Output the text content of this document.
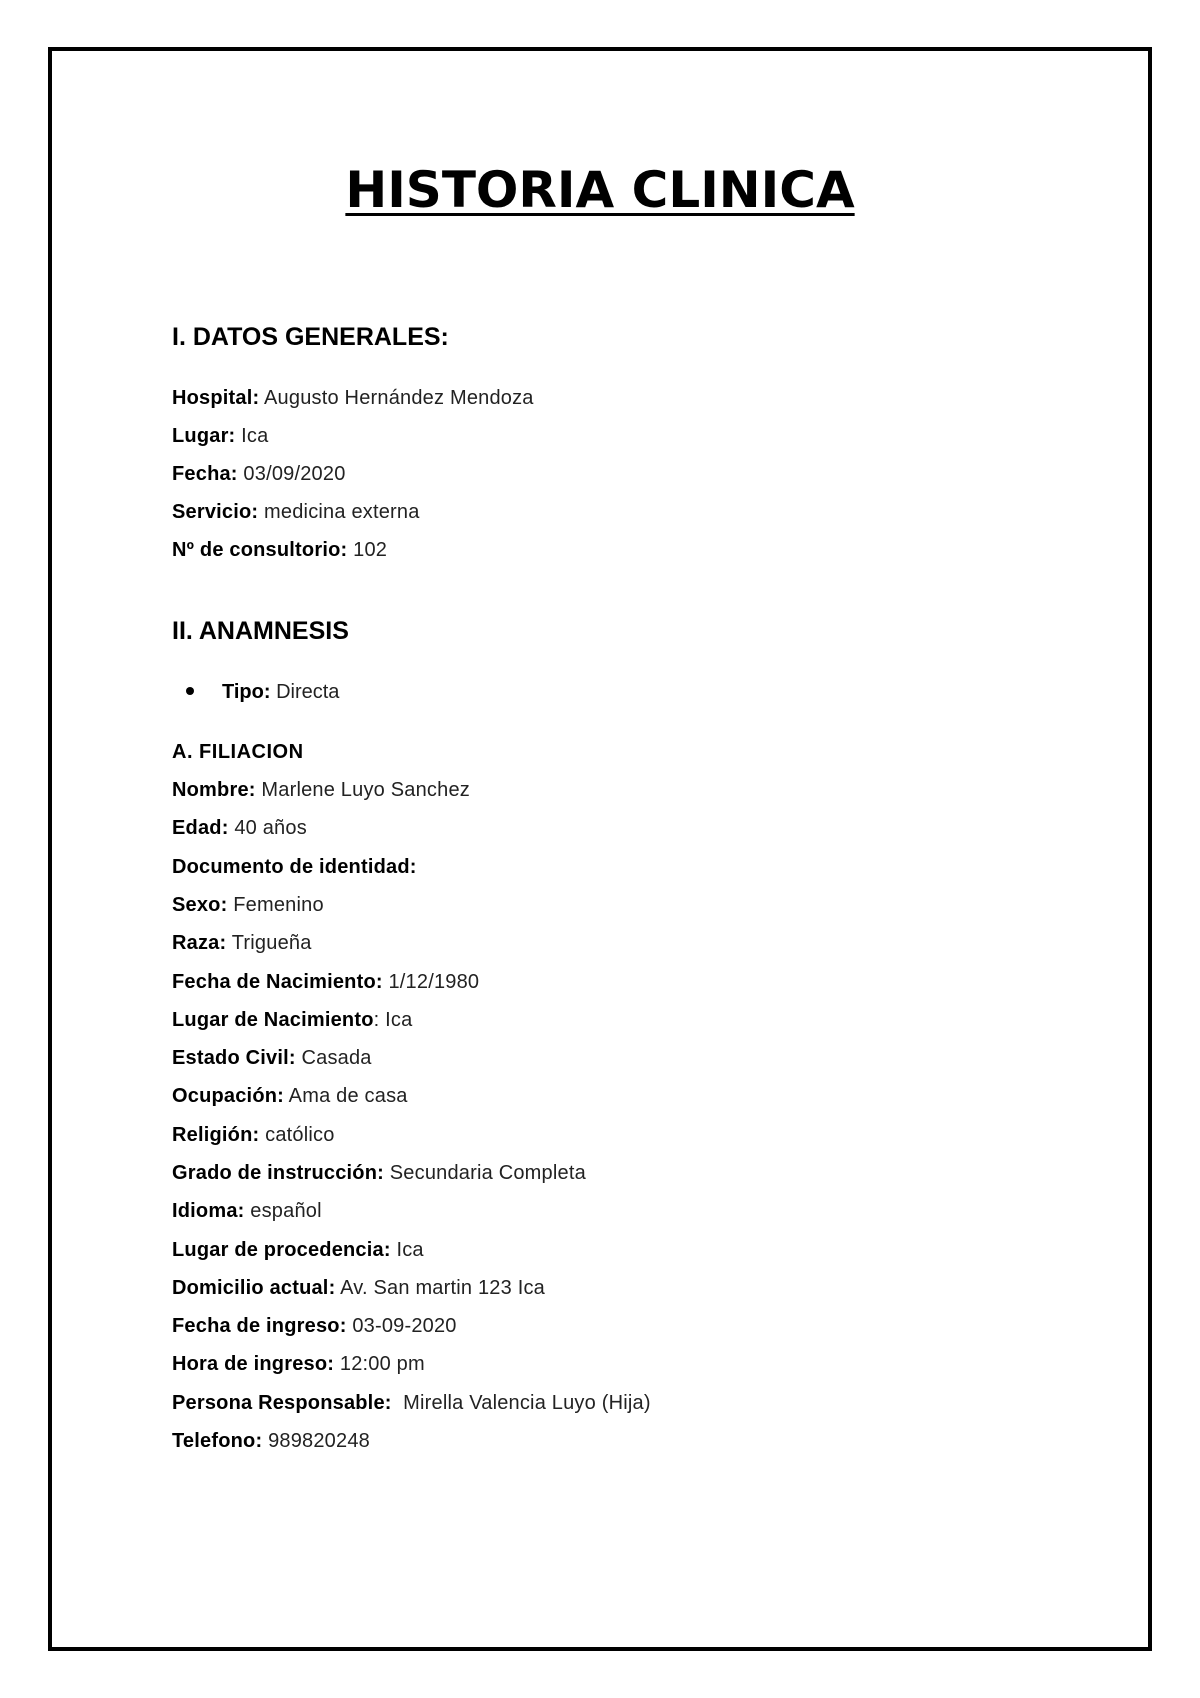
HISTORIA CLINICA
I. DATOS GENERALES:
Hospital: Augusto Hernández Mendoza
Lugar: Ica
Fecha: 03/09/2020
Servicio: medicina externa
Nº de consultorio: 102
II. ANAMNESIS
Tipo: Directa
A. FILIACION
Nombre: Marlene Luyo Sanchez
Edad: 40 años
Documento de identidad:
Sexo: Femenino
Raza: Trigueña
Fecha de Nacimiento: 1/12/1980
Lugar de Nacimiento: Ica
Estado Civil: Casada
Ocupación: Ama de casa
Religión: católico
Grado de instrucción: Secundaria Completa
Idioma: español
Lugar de procedencia: Ica
Domicilio actual: Av. San martin 123 Ica
Fecha de ingreso: 03-09-2020
Hora de ingreso: 12:00 pm
Persona Responsable:  Mirella Valencia Luyo (Hija)
Telefono: 989820248
